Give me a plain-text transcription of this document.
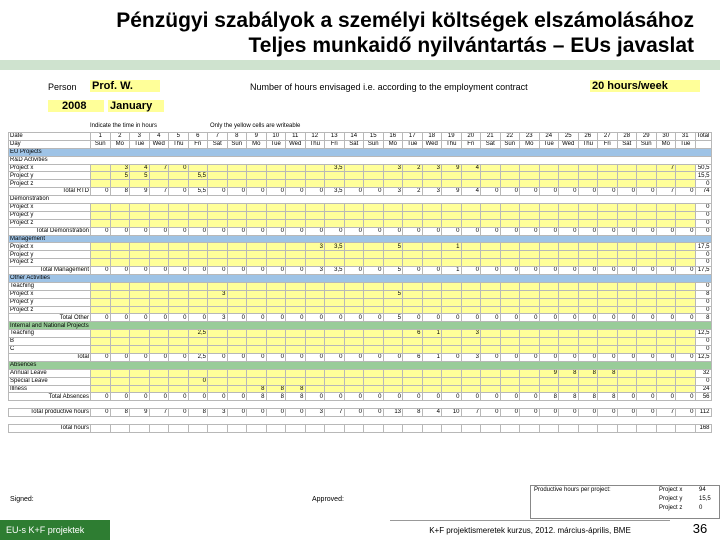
Pénzügyi szabályok a személyi költségek elszámolásához
Teljes munkaidő nyilvántartás – EUs javaslat
Person Prof. W.	Number of hours envisaged i.e. according to the employment contract	20 hours/week
2008	January
Indicate the time in hours	Only the yellow cells are writeable
Date	1	2	3	4	5	6	7	8	9	10	11	12	13	14	15	16	17	18	19	20	21	22	23	24	25	26	27	28	29	30	31	Total
Day	Sun	Mo	Tue	Wed	Thu	Fri	Sat	Sun	Mo	Tue	Wed	Thu	Fri	Sat	Sun	Mo	Tue	Wed	Thu	Fri	Sat	Sun	Mo	Tue	Wed	Thu	Fri	Sat	Sun	Mo	Tue	
EU Projects																																
R&D Activities																																
Project x		3	4	7	0								3,5			3	2	3	9	4										7		50,5
Project y		5	5			5,5																										15,5
Project z																																0
Total RTD	0	8	9	7	0	5,5	0	0	0	0	0	0	3,5	0	0	3	2	3	9	4	0	0	0	0	0	0	0	0	0	7	0	74
Demonstration																																
Project x																																0
Project y																																0
Project z																																0
Total Demonstration	0	0	0	0	0	0	0	0	0	0	0	0	0	0	0	0	0	0	0	0	0	0	0	0	0	0	0	0	0	0	0	0
Management																																
Project x												3	3,5			5			1													17,5
Project y																																0
Project z																																0
Total Management	0	0	0	0	0	0	0	0	0	0	0	3	3,5	0	0	5	0	0	1	0	0	0	0	0	0	0	0	0	0	0	0	17,5
Other Activities																																
Teaching																																0
Project x							3									5																8
Project y																																0
Project z																																0
Total Other	0	0	0	0	0	0	3	0	0	0	0	0	0	0	0	5	0	0	0	0	0	0	0	0	0	0	0	0	0	0	0	8
Internal and National Projects																																
Teaching						2,5											6	1		3												12,5
B																																0
C																																0
Total	0	0	0	0	0	2,5	0	0	0	0	0	0	0	0	0	0	6	1	0	3	0	0	0	0	0	0	0	0	0	0	0	12,5
Absences																																
Annual Leave																								9	8	8	8					32
Special Leave						0																										0
Illness									8	8	8																					24
Total Absences	0	0	0	0	0	0	0	0	8	8	8	0	0	0	0	0	0	0	0	0	0	0	0	8	8	8	8	0	0	0	0	56

Total productive hours	0	8	9	7	0	8	3	0	0	0	0	3	7	0	0	13	8	4	10	7	0	0	0	0	0	0	0	0	0	7	0	112

Total hours																																168
Signed:	Approved:
Productive hours per project:	Project x	94
Project y	15,5
Project z	0
EU-s K+F projektek	K+F projektismeretek kurzus, 2012. március-április, BME	36
